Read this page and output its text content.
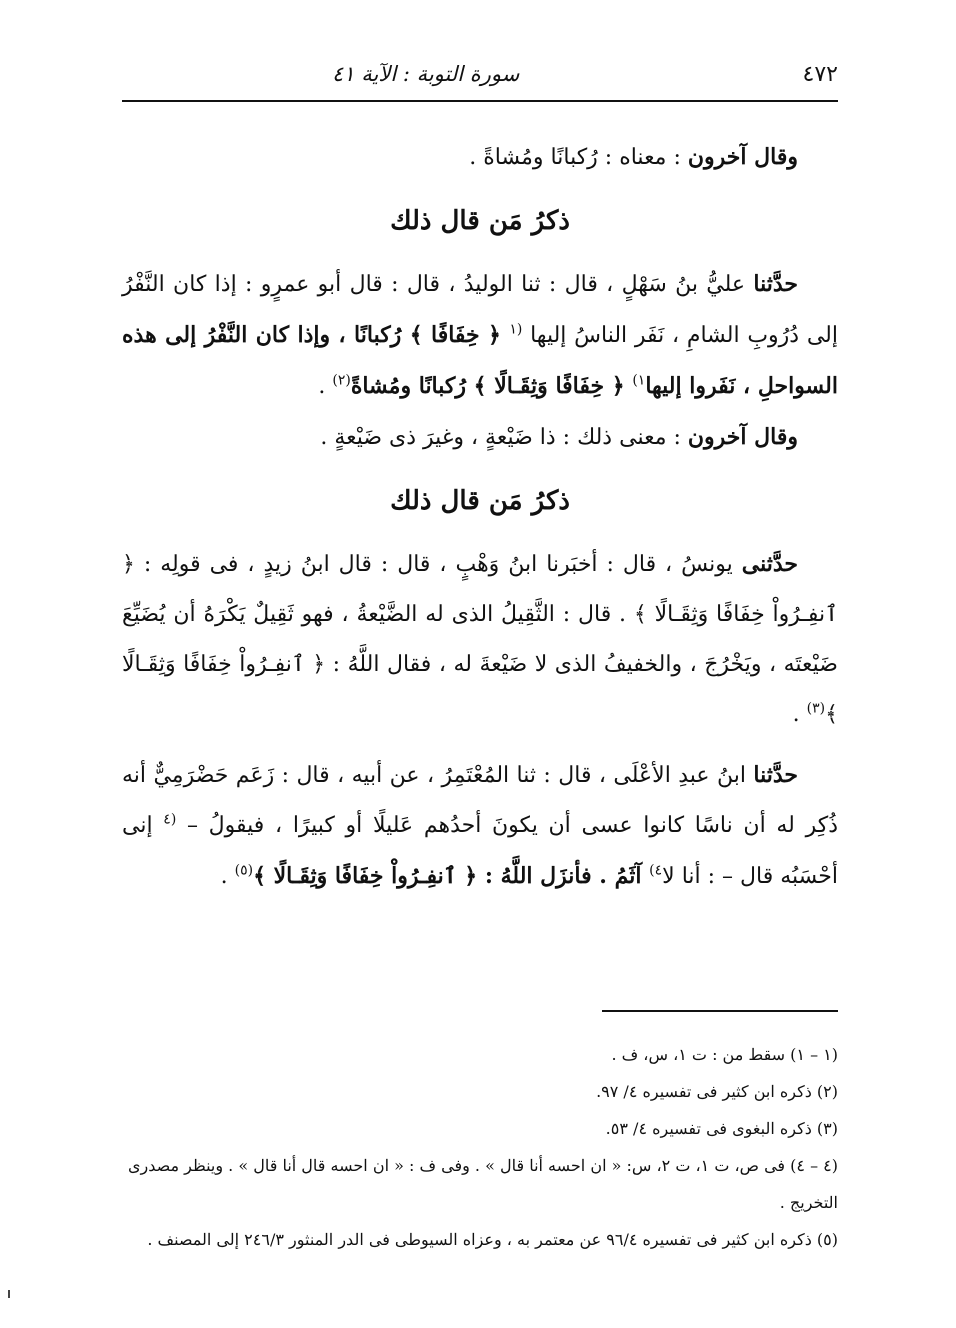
٤٧٢
سورة التوبة : الآية ٤١

وقال آخرون : معناه : رُكبانًا ومُشاةً .

ذكرُ مَن قال ذلك

حدَّثنا عليُّ بنُ سَهْلٍ ، قال : ثنا الوليدُ ، قال : قال أبو عمرٍو : إذا كان النَّفْرُ إلى دُرُوبِ الشامِ ، نَفَر الناسُ إليها $^{(١}$ ﴿ خِفَافًا ﴾ رُكبانًا ، وإذا كان النَّفْرُ إلى هذه السواحلِ ، نَفَروا إليها$^{١)}$ ﴿ خِفَافًا وَثِقَـالًا ﴾ رُكبانًا ومُشاةً$^{(٢)}$ .

وقال آخرون : معنى ذلك : ذا ضَيْعةٍ ، وغيرَ ذى ضَيْعةٍ .

ذكرُ مَن قال ذلك

حدَّثنى يونسُ ، قال : أخبَرنا ابنُ وَهْبٍ ، قال : قال ابنُ زيدٍ ، فى قولِه : ﴿ ٱنفِـرُواْ خِفَافًا وَثِقَـالًا ﴾ . قال : الثَّقِيلُ الذى له الضَّيْعةُ ، فهو ثَقِيلٌ يَكْرَهُ أن يُضَيِّعَ ضَيْعتَه ، ويَخْرُجَ ، والخفيفُ الذى لا ضَيْعةَ له ، فقال اللَّهُ : ﴿ ٱنفِـرُواْ خِفَافًا وَثِقَـالًا ﴾$^{(٣)}$ .

حدَّثنا ابنُ عبدِ الأعْلَى ، قال : ثنا المُعْتَمِرُ ، عن أبيه ، قال : زَعَم حَضْرَمِيٌّ أنه ذُكِر له أن ناسًا كانوا عسى أن يكونَ أحدُهم عَليلًا أو كبيرًا ، فيقولُ – $^{(٤}$ إنى أحْسَبُه قال – : أنا لا$^{٤)}$ آثَمُ . فأنزَل اللَّهُ : ﴿ ٱنفِـرُواْ خِفَافًا وَثِقَـالًا ﴾$^{(٥)}$ .

(١ – ١) سقط من : ت ١، س، ف .

(٢) ذكره ابن كثير فى تفسيره ٤/ ٩٧.

(٣) ذكره البغوى فى تفسيره ٤/ ٥٣.

(٤ – ٤) فى ص، ت ١، ت ٢، س: « ان احسه أنا قال » . وفى ف : « ان احسه قال أنا قال » . وينظر مصدرى التخريج .

(٥) ذكره ابن كثير فى تفسيره ٩٦/٤ عن معتمر به ، وعزاه السيوطى فى الدر المنثور ٢٤٦/٣ إلى المصنف .
